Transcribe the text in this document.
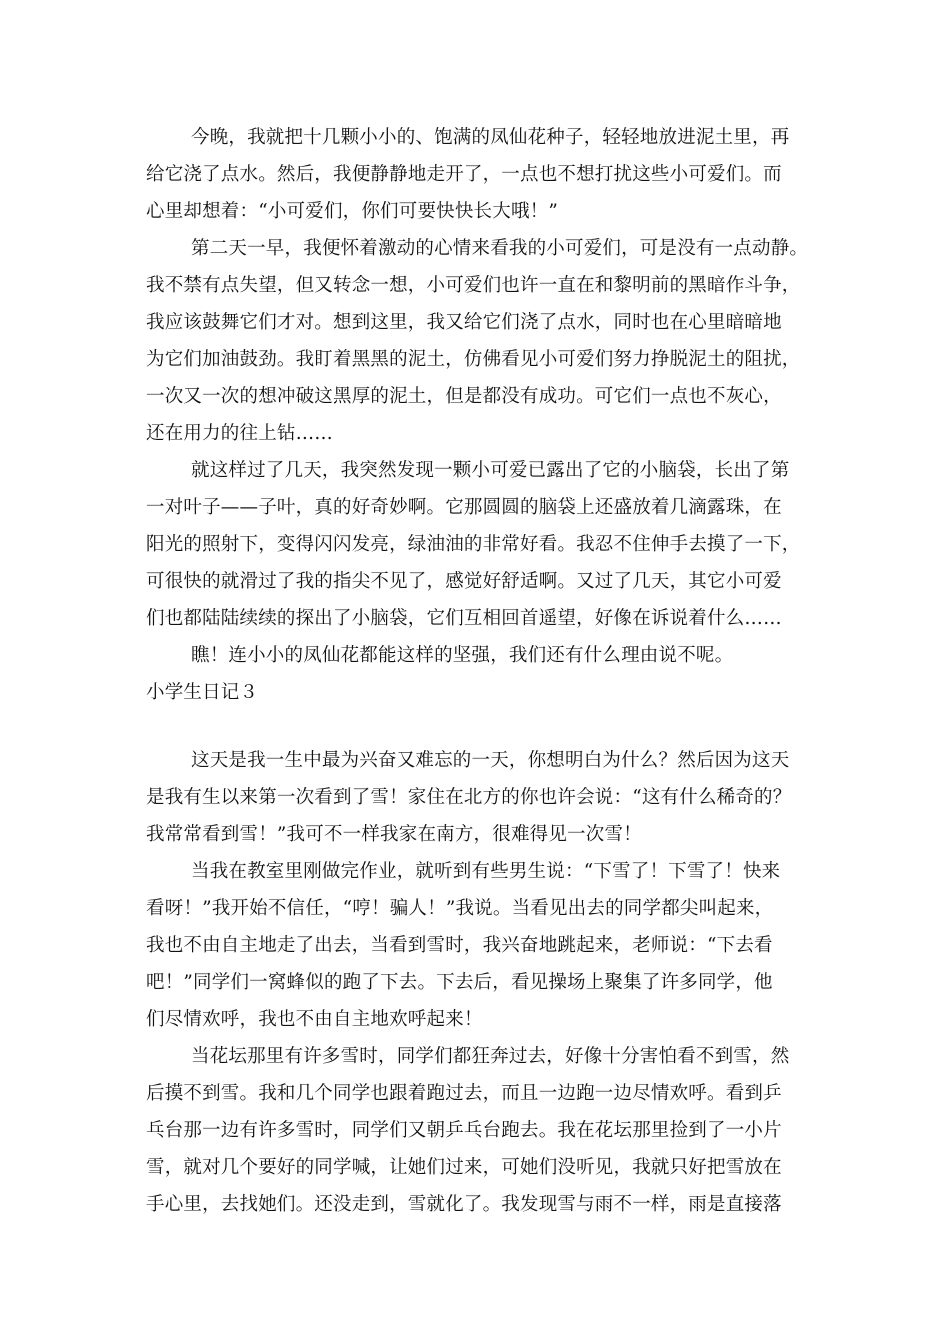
今晚，我就把十几颗小小的、饱满的凤仙花种子，轻轻地放进泥土里，再
给它浇了点水。然后，我便静静地走开了，一点也不想打扰这些小可爱们。而
心里却想着：“小可爱们，你们可要快快长大哦！”
第二天一早，我便怀着激动的心情来看我的小可爱们，可是没有一点动静。
我不禁有点失望，但又转念一想，小可爱们也许一直在和黎明前的黑暗作斗争，
我应该鼓舞它们才对。想到这里，我又给它们浇了点水，同时也在心里暗暗地
为它们加油鼓劲。我盯着黑黑的泥土，仿佛看见小可爱们努力挣脱泥土的阻扰，
一次又一次的想冲破这黑厚的泥土，但是都没有成功。可它们一点也不灰心，
还在用力的往上钻……
就这样过了几天，我突然发现一颗小可爱已露出了它的小脑袋，长出了第
一对叶子——子叶，真的好奇妙啊。它那圆圆的脑袋上还盛放着几滴露珠，在
阳光的照射下，变得闪闪发亮，绿油油的非常好看。我忍不住伸手去摸了一下，
可很快的就滑过了我的指尖不见了，感觉好舒适啊。又过了几天，其它小可爱
们也都陆陆续续的探出了小脑袋，它们互相回首遥望，好像在诉说着什么……
瞧！连小小的凤仙花都能这样的坚强，我们还有什么理由说不呢。
小学生日记３
这天是我一生中最为兴奋又难忘的一天，你想明白为什么？然后因为这天
是我有生以来第一次看到了雪！家住在北方的你也许会说：“这有什么稀奇的？
我常常看到雪！”我可不一样我家在南方，很难得见一次雪！
当我在教室里刚做完作业，就听到有些男生说：“下雪了！下雪了！快来
看呀！”我开始不信任，“哼！骗人！”我说。当看见出去的同学都尖叫起来，
我也不由自主地走了出去，当看到雪时，我兴奋地跳起来，老师说：“下去看
吧！”同学们一窝蜂似的跑了下去。下去后，看见操场上聚集了许多同学，他
们尽情欢呼，我也不由自主地欢呼起来！
当花坛那里有许多雪时，同学们都狂奔过去，好像十分害怕看不到雪，然
后摸不到雪。我和几个同学也跟着跑过去，而且一边跑一边尽情欢呼。看到乒
乓台那一边有许多雪时，同学们又朝乒乓台跑去。我在花坛那里捡到了一小片
雪，就对几个要好的同学喊，让她们过来，可她们没听见，我就只好把雪放在
手心里，去找她们。还没走到，雪就化了。我发现雪与雨不一样，雨是直接落
